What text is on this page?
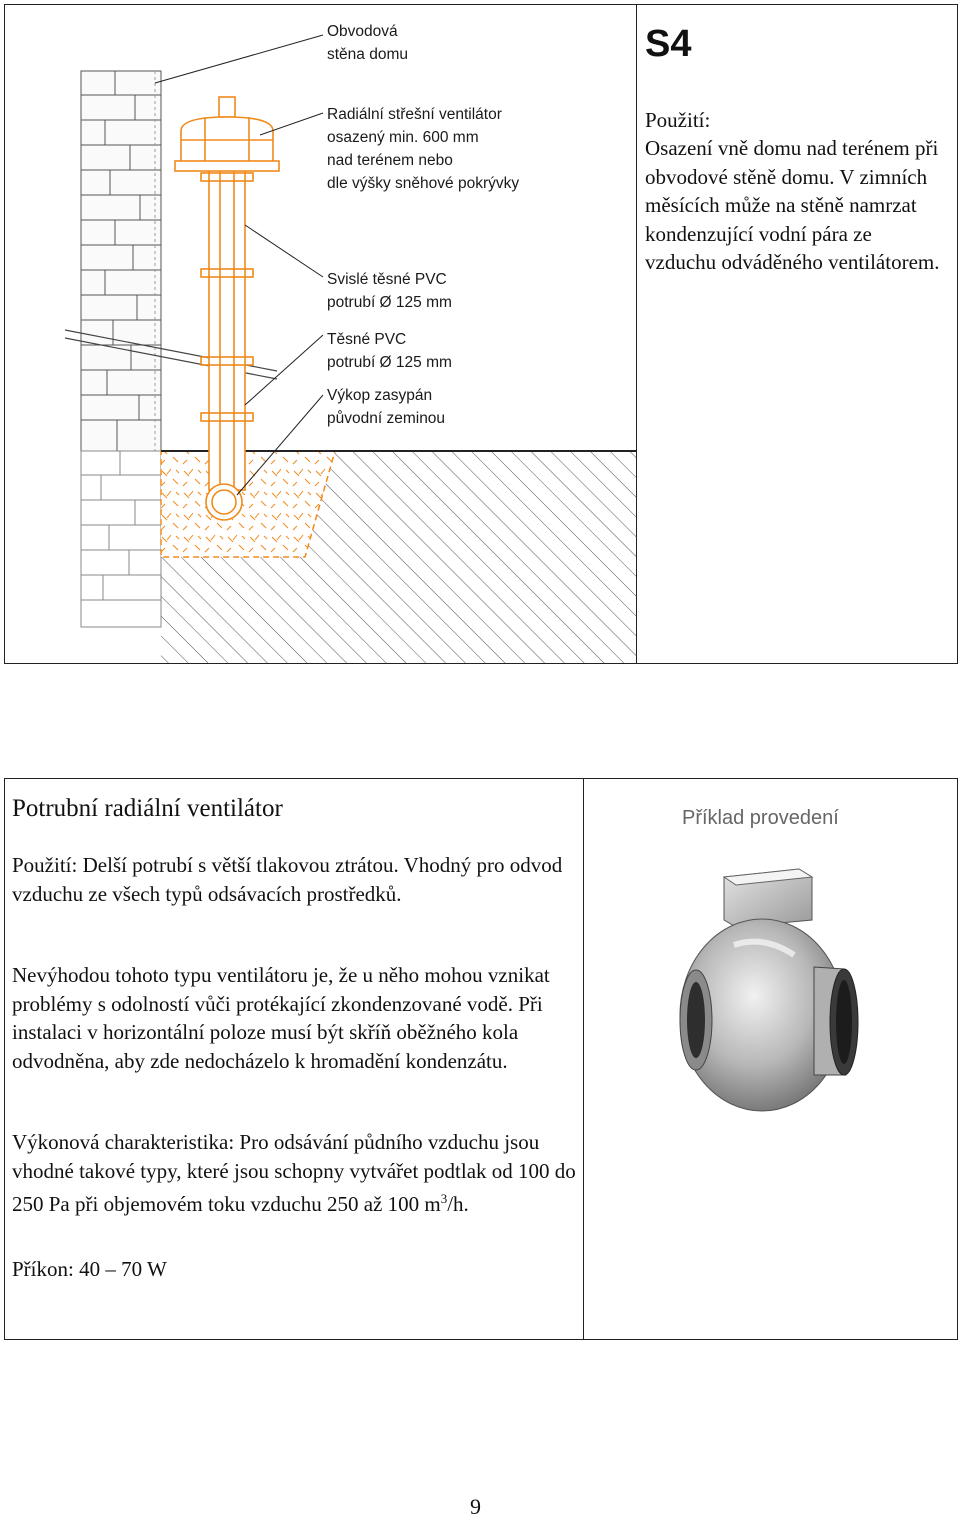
Obvodová
stěna domu
Radiální střešní ventilátor
osazený min. 600 mm
nad terénem nebo
dle výšky sněhové pokrývky
Svislé těsné PVC
potrubí Ø 125 mm
Těsné PVC
potrubí Ø 125 mm
Výkop zasypán
původní zeminou

S4

Použití:
Osazení vně domu nad terénem při obvodové stěně domu. V zimních měsících může na stěně namrzat kondenzující vodní pára ze vzduchu odváděného ventilátorem.

Potrubní radiální ventilátor

Použití: Delší potrubí s větší tlakovou ztrátou. Vhodný pro odvod vzduchu ze všech typů odsávacích prostředků.

Nevýhodou tohoto typu ventilátoru je, že u něho mohou vznikat problémy s odolností vůči protékající zkondenzované vodě. Při instalaci v horizontální poloze musí být skříň oběžného kola odvodněna, aby zde nedocházelo k hromadění kondenzátu.

Výkonová charakteristika: Pro odsávání půdního vzduchu jsou vhodné takové typy, které jsou schopny vytvářet podtlak od 100 do 250 Pa při objemovém toku vzduchu 250 až 100 $m^3/h$.

Příkon: 40 – 70 W

Příklad provedení

9
